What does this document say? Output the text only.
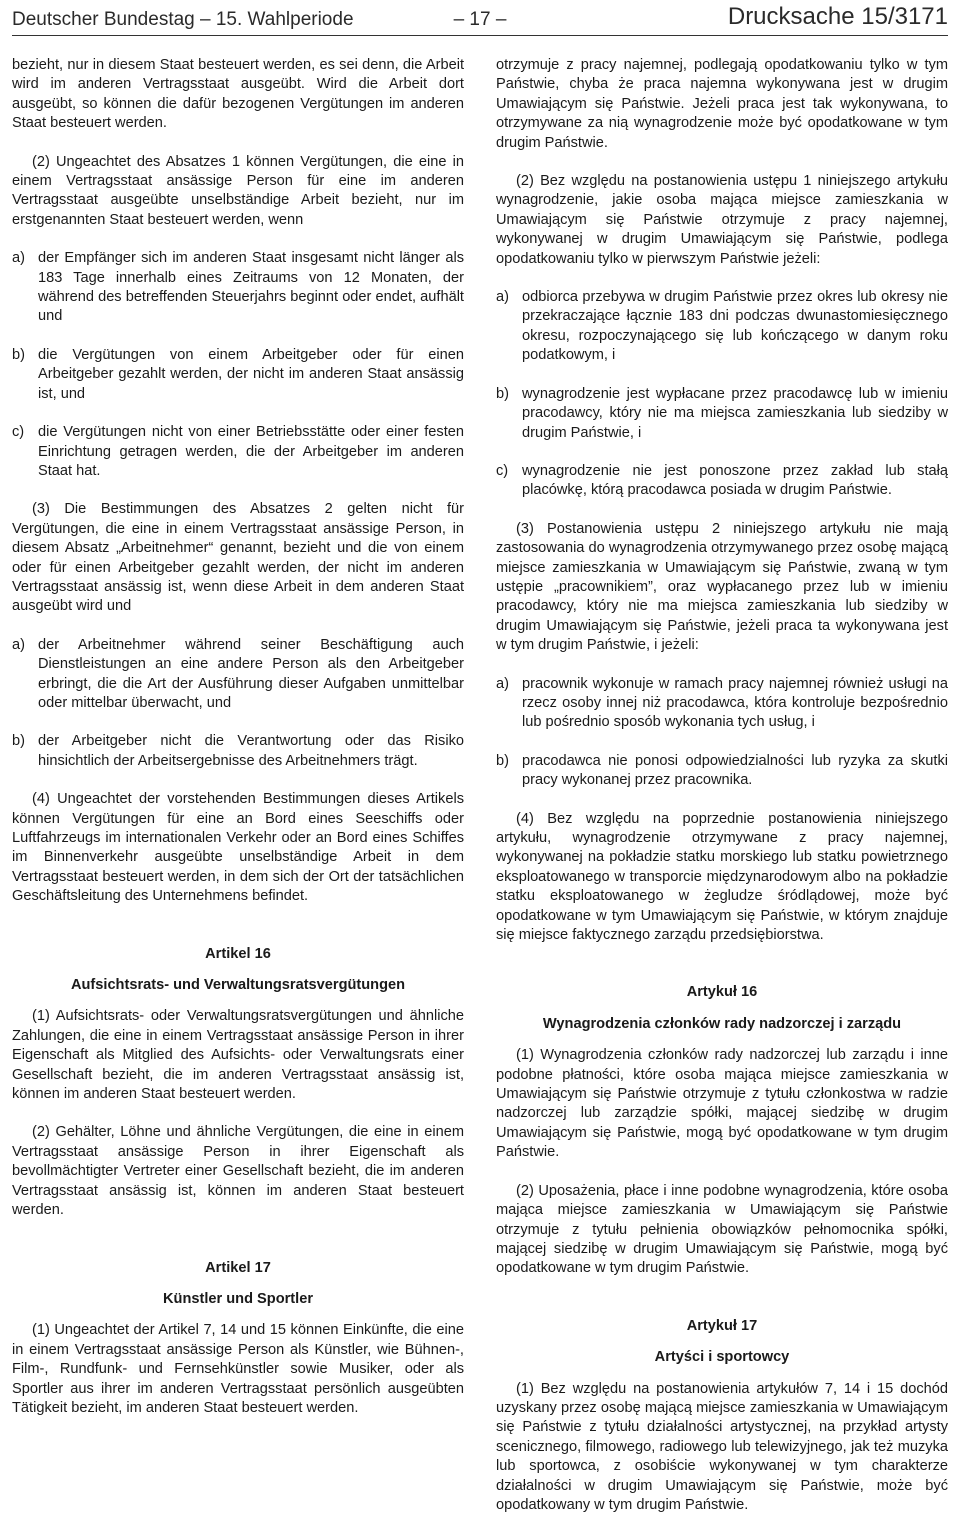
Deutscher Bundestag – 15. Wahlperiode	– 17 –	Drucksache 15/3171

bezieht, nur in diesem Staat besteuert werden, es sei denn, die Arbeit wird im anderen Vertragsstaat ausgeübt. Wird die Arbeit dort ausgeübt, so können die dafür bezogenen Vergütungen im anderen Staat besteuert werden.

(2) Ungeachtet des Absatzes 1 können Vergütungen, die eine in einem Vertragsstaat ansässige Person für eine im anderen Vertragsstaat ausgeübte unselbständige Arbeit bezieht, nur im erstgenannten Staat besteuert werden, wenn

a) der Empfänger sich im anderen Staat insgesamt nicht länger als 183 Tage innerhalb eines Zeitraums von 12 Monaten, der während des betreffenden Steuerjahrs beginnt oder endet, aufhält und
b) die Vergütungen von einem Arbeitgeber oder für einen Arbeitgeber gezahlt werden, der nicht im anderen Staat ansässig ist, und
c) die Vergütungen nicht von einer Betriebsstätte oder einer festen Einrichtung getragen werden, die der Arbeitgeber im anderen Staat hat.

(3) Die Bestimmungen des Absatzes 2 gelten nicht für Vergütungen, die eine in einem Vertragsstaat ansässige Person, in diesem Absatz „Arbeitnehmer“ genannt, bezieht und die von einem oder für einen Arbeitgeber gezahlt werden, der nicht im anderen Vertragsstaat ansässig ist, wenn diese Arbeit in dem anderen Staat ausgeübt wird und

a) der Arbeitnehmer während seiner Beschäftigung auch Dienstleistungen an eine andere Person als den Arbeitgeber erbringt, die die Art der Ausführung dieser Aufgaben unmittelbar oder mittelbar überwacht, und
b) der Arbeitgeber nicht die Verantwortung oder das Risiko hinsichtlich der Arbeitsergebnisse des Arbeitnehmers trägt.

(4) Ungeachtet der vorstehenden Bestimmungen dieses Artikels können Vergütungen für eine an Bord eines Seeschiffs oder Luftfahrzeugs im internationalen Verkehr oder an Bord eines Schiffes im Binnenverkehr ausgeübte unselbständige Arbeit in dem Vertragsstaat besteuert werden, in dem sich der Ort der tatsächlichen Geschäftsleitung des Unternehmens befindet.

Artikel 16
Aufsichtsrats- und Verwaltungsratsvergütungen

(1) Aufsichtsrats- oder Verwaltungsratsvergütungen und ähnliche Zahlungen, die eine in einem Vertragsstaat ansässige Person in ihrer Eigenschaft als Mitglied des Aufsichts- oder Verwaltungsrats einer Gesellschaft bezieht, die im anderen Vertragsstaat ansässig ist, können im anderen Staat besteuert werden.

(2) Gehälter, Löhne und ähnliche Vergütungen, die eine in einem Vertragsstaat ansässige Person in ihrer Eigenschaft als bevollmächtigter Vertreter einer Gesellschaft bezieht, die im anderen Vertragsstaat ansässig ist, können im anderen Staat besteuert werden.

Artikel 17
Künstler und Sportler

(1) Ungeachtet der Artikel 7, 14 und 15 können Einkünfte, die eine in einem Vertragsstaat ansässige Person als Künstler, wie Bühnen-, Film-, Rundfunk- und Fernsehkünstler sowie Musiker, oder als Sportler aus ihrer im anderen Vertragsstaat persönlich ausgeübten Tätigkeit bezieht, im anderen Staat besteuert werden.

otrzymuje z pracy najemnej, podlegają opodatkowaniu tylko w tym Państwie, chyba że praca najemna wykonywana jest w drugim Umawiającym się Państwie. Jeżeli praca jest tak wykonywana, to otrzymywane za nią wynagrodzenie może być opodatkowane w tym drugim Państwie.

(2) Bez względu na postanowienia ustępu 1 niniejszego artykułu wynagrodzenie, jakie osoba mająca miejsce zamieszkania w Umawiającym się Państwie otrzymuje z pracy najemnej, wykonywanej w drugim Umawiającym się Państwie, podlega opodatkowaniu tylko w pierwszym Państwie jeżeli:

a) odbiorca przebywa w drugim Państwie przez okres lub okresy nie przekraczające łącznie 183 dni podczas dwunastomiesięcznego okresu, rozpoczynającego się lub kończącego w danym roku podatkowym, i
b) wynagrodzenie jest wypłacane przez pracodawcę lub w imieniu pracodawcy, który nie ma miejsca zamieszkania lub siedziby w drugim Państwie, i
c) wynagrodzenie nie jest ponoszone przez zakład lub stałą placówkę, którą pracodawca posiada w drugim Państwie.

(3) Postanowienia ustępu 2 niniejszego artykułu nie mają zastosowania do wynagrodzenia otrzymywanego przez osobę mającą miejsce zamieszkania w Umawiającym się Państwie, zwaną w tym ustępie „pracownikiem”, oraz wypłacanego przez lub w imieniu pracodawcy, który nie ma miejsca zamieszkania lub siedziby w drugim Umawiającym się Państwie, jeżeli praca ta wykonywana jest w tym drugim Państwie, i jeżeli:

a) pracownik wykonuje w ramach pracy najemnej również usługi na rzecz osoby innej niż pracodawca, która kontroluje bezpośrednio lub pośrednio sposób wykonania tych usług, i
b) pracodawca nie ponosi odpowiedzialności lub ryzyka za skutki pracy wykonanej przez pracownika.

(4) Bez względu na poprzednie postanowienia niniejszego artykułu, wynagrodzenie otrzymywane z pracy najemnej, wykonywanej na pokładzie statku morskiego lub statku powietrznego eksploatowanego w transporcie międzynarodowym albo na pokładzie statku eksploatowanego w żegludze śródlądowej, może być opodatkowane w tym Umawiającym się Państwie, w którym znajduje się miejsce faktycznego zarządu przedsiębiorstwa.

Artykuł 16
Wynagrodzenia członków rady nadzorczej i zarządu

(1) Wynagrodzenia członków rady nadzorczej lub zarządu i inne podobne płatności, które osoba mająca miejsce zamieszkania w Umawiającym się Państwie otrzymuje z tytułu członkostwa w radzie nadzorczej lub zarządzie spółki, mającej siedzibę w drugim Umawiającym się Państwie, mogą być opodatkowane w tym drugim Państwie.

(2) Uposażenia, płace i inne podobne wynagrodzenia, które osoba mająca miejsce zamieszkania w Umawiającym się Państwie otrzymuje z tytułu pełnienia obowiązków pełnomocnika spółki, mającej siedzibę w drugim Umawiającym się Państwie, mogą być opodatkowane w tym drugim Państwie.

Artykuł 17
Artyści i sportowcy

(1) Bez względu na postanowienia artykułów 7, 14 i 15 dochód uzyskany przez osobę mającą miejsce zamieszkania w Umawiającym się Państwie z tytułu działalności artystycznej, na przykład artysty scenicznego, filmowego, radiowego lub telewizyjnego, jak też muzyka lub sportowca, z osobiście wykonywanej w tym charakterze działalności w drugim Umawiającym się Państwie, może być opodatkowany w tym drugim Państwie.
